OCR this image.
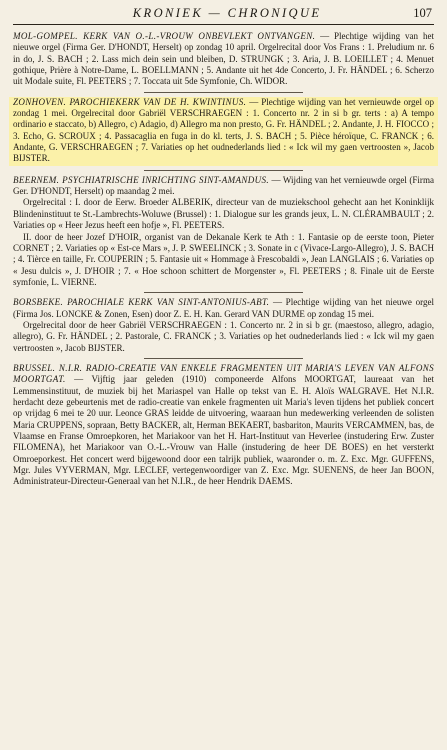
KRONIEK — CHRONIQUE	107

MOL-GOMPEL. KERK VAN O.-L.-VROUW ONBEVLEKT ONTVANGEN. — Plechtige wijding van het nieuwe orgel (Firma Ger. D'HONDT, Herselt) op zondag 10 april. Orgelrecital door Vos Frans : 1. Preludium nr. 6 in do, J. S. BACH ; 2. Lass mich dein sein und bleiben, D. STRUNGK ; 3. Aria, J. B. LOEILLET ; 4. Menuet gothique, Prière à Notre-Dame, L. BOELLMANN ; 5. Andante uit het 4de Concerto, J. Fr. HÄNDEL ; 6. Scherzo uit Modale suite, Fl. PEETERS ; 7. Toccata uit 5de Symfonie, Ch. WIDOR.

ZONHOVEN. PAROCHIEKERK VAN DE H. KWINTINUS. — Plechtige wijding van het vernieuwde orgel op zondag 1 mei. Orgelrecital door Gabriël VERSCHRAEGEN : 1. Concerto nr. 2 in si b gr. terts : a) A tempo ordinario e staccato, b) Allegro, c) Adagio, d) Allegro ma non presto, G. Fr. HÄNDEL ; 2. Andante, J. H. FIOCCO ; 3. Echo, G. SCROUX ; 4. Passacaglia en fuga in do kl. terts, J. S. BACH ; 5. Pièce héroïque, C. FRANCK ; 6. Andante, G. VERSCHRAEGEN ; 7. Variaties op het oudnederlands lied : « Ick wil my gaen vertroosten », Jacob BIJSTER.

BEERNEM. PSYCHIATRISCHE INRICHTING SINT-AMANDUS. — Wijding van het vernieuwde orgel (Firma Ger. D'HONDT, Herselt) op maandag 2 mei.

Orgelrecital : I. door de Eerw. Broeder ALBERIK, directeur van de muziekschool gehecht aan het Koninklijk Blindeninstituut te St.-Lambrechts-Woluwe (Brussel) : 1. Dialogue sur les grands jeux, L. N. CLÉRAMBAULT ; 2. Variaties op « Heer Jezus heeft een hofje », Fl. PEETERS.

II. door de heer Jozef D'HOIR, organist van de Dekanale Kerk te Ath : 1. Fantasie op de eerste toon, Pieter CORNET ; 2. Variaties op « Est-ce Mars », J. P. SWEELINCK ; 3. Sonate in c (Vivace-Largo-Allegro), J. S. BACH ; 4. Tièrce en taille, Fr. COUPERIN ; 5. Fantasie uit « Hommage à Frescobaldi », Jean LANGLAIS ; 6. Variaties op « Jesu dulcis », J. D'HOIR ; 7. « Hoe schoon schittert de Morgenster », Fl. PEETERS ; 8. Finale uit de Eerste symfonie, L. VIERNE.

BORSBEKE. PAROCHIALE KERK VAN SINT-ANTONIUS-ABT. — Plechtige wijding van het nieuwe orgel (Firma Jos. LONCKE & Zonen, Esen) door Z. E. H. Kan. Gerard VAN DURME op zondag 15 mei.

Orgelrecital door de heer Gabriël VERSCHRAEGEN : 1. Concerto nr. 2 in si b gr. (maestoso, allegro, adagio, allegro), G. Fr. HÄNDEL ; 2. Pastorale, C. FRANCK ; 3. Variaties op het oudnederlands lied : « Ick wil my gaen vertroosten », Jacob BIJSTER.

BRUSSEL. N.I.R. RADIO-CREATIE VAN ENKELE FRAGMENTEN UIT MARIA'S LEVEN VAN ALFONS MOORTGAT. — Vijftig jaar geleden (1910) componeerde Alfons MOORTGAT, laureaat van het Lemmensinstituut, de muziek bij het Mariaspel van Halle op tekst van E. H. Aloïs WALGRAVE. Het N.I.R. herdacht deze gebeurtenis met de radio-creatie van enkele fragmenten uit Maria's leven tijdens het publiek concert op vrijdag 6 mei te 20 uur. Leonce GRAS leidde de uitvoering, waaraan hun medewerking verleenden de solisten Maria CRUPPENS, sopraan, Betty BACKER, alt, Herman BEKAERT, basbariton, Maurits VERCAMMEN, bas, de Vlaamse en Franse Omroepkoren, het Mariakoor van het H. Hart-Instituut van Heverlee (instudering Erw. Zuster FILOMENA), het Mariakoor van O.-L.-Vrouw van Halle (instudering de heer DE BOES) en het versterkt Omroeporkest. Het concert werd bijgewoond door een talrijk publiek, waaronder o. m. Z. Exc. Mgr. GUFFENS, Mgr. Jules VYVERMAN, Mgr. LECLEF, vertegenwoordiger van Z. Exc. Mgr. SUENENS, de heer Jan BOON, Administrateur-Directeur-Generaal van het N.I.R., de heer Hendrik DAEMS.
